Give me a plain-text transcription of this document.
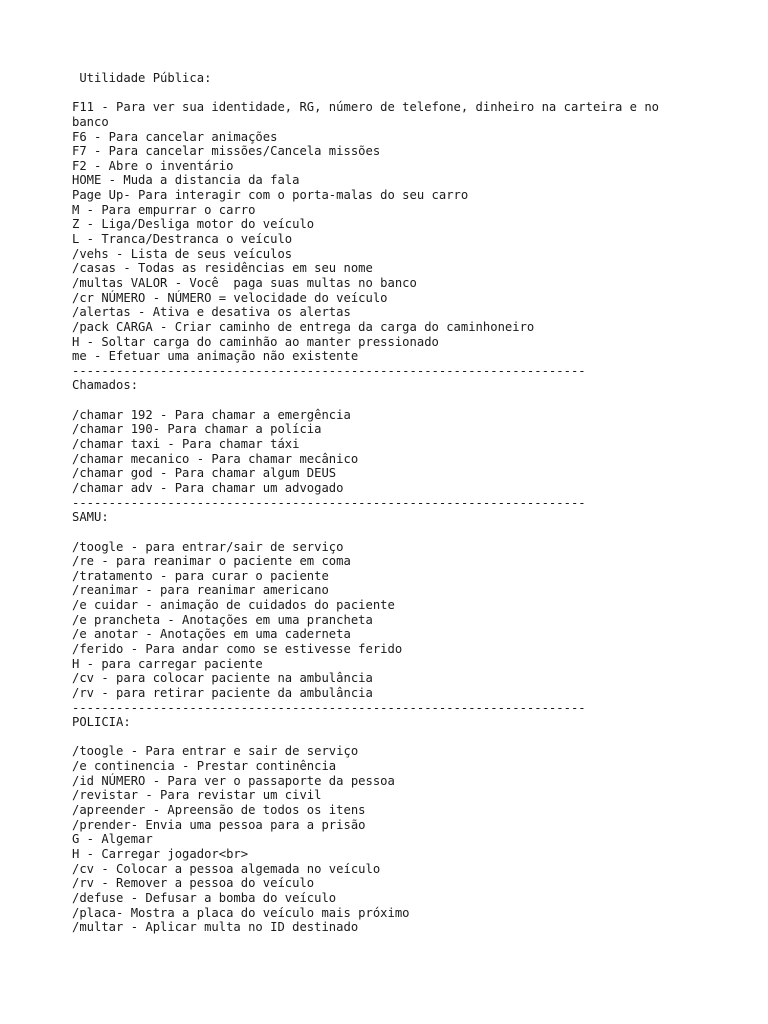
Utilidade Pública:
F11 - Para ver sua identidade, RG, número de telefone, dinheiro na carteira e no
banco
F6 - Para cancelar animações
F7 - Para cancelar missões/Cancela missões
F2 - Abre o inventário
HOME - Muda a distancia da fala
Page Up- Para interagir com o porta-malas do seu carro
M - Para empurrar o carro
Z - Liga/Desliga motor do veículo
L - Tranca/Destranca o veículo
/vehs - Lista de seus veículos
/casas - Todas as residências em seu nome
/multas VALOR - Você  paga suas multas no banco
/cr NÚMERO - NÚMERO = velocidade do veículo
/alertas - Ativa e desativa os alertas
/pack CARGA - Criar caminho de entrega da carga do caminhoneiro
H - Soltar carga do caminhão ao manter pressionado
me - Efetuar uma animação não existente
----------------------------------------------------------------------
Chamados:
/chamar 192 - Para chamar a emergência
/chamar 190- Para chamar a polícia
/chamar taxi - Para chamar táxi
/chamar mecanico - Para chamar mecânico
/chamar god - Para chamar algum DEUS
/chamar adv - Para chamar um advogado
----------------------------------------------------------------------
SAMU:
/toogle - para entrar/sair de serviço
/re - para reanimar o paciente em coma
/tratamento - para curar o paciente
/reanimar - para reanimar americano
/e cuidar - animação de cuidados do paciente
/e prancheta - Anotações em uma prancheta
/e anotar - Anotações em uma caderneta
/ferido - Para andar como se estivesse ferido
H - para carregar paciente
/cv - para colocar paciente na ambulância
/rv - para retirar paciente da ambulância
----------------------------------------------------------------------
POLICIA:
/toogle - Para entrar e sair de serviço
/e continencia - Prestar continência
/id NÚMERO - Para ver o passaporte da pessoa
/revistar - Para revistar um civil
/apreender - Apreensão de todos os itens
/prender- Envia uma pessoa para a prisão
G - Algemar
H - Carregar jogador<br>
/cv - Colocar a pessoa algemada no veículo
/rv - Remover a pessoa do veículo
/defuse - Defusar a bomba do veículo
/placa- Mostra a placa do veículo mais próximo
/multar - Aplicar multa no ID destinado
